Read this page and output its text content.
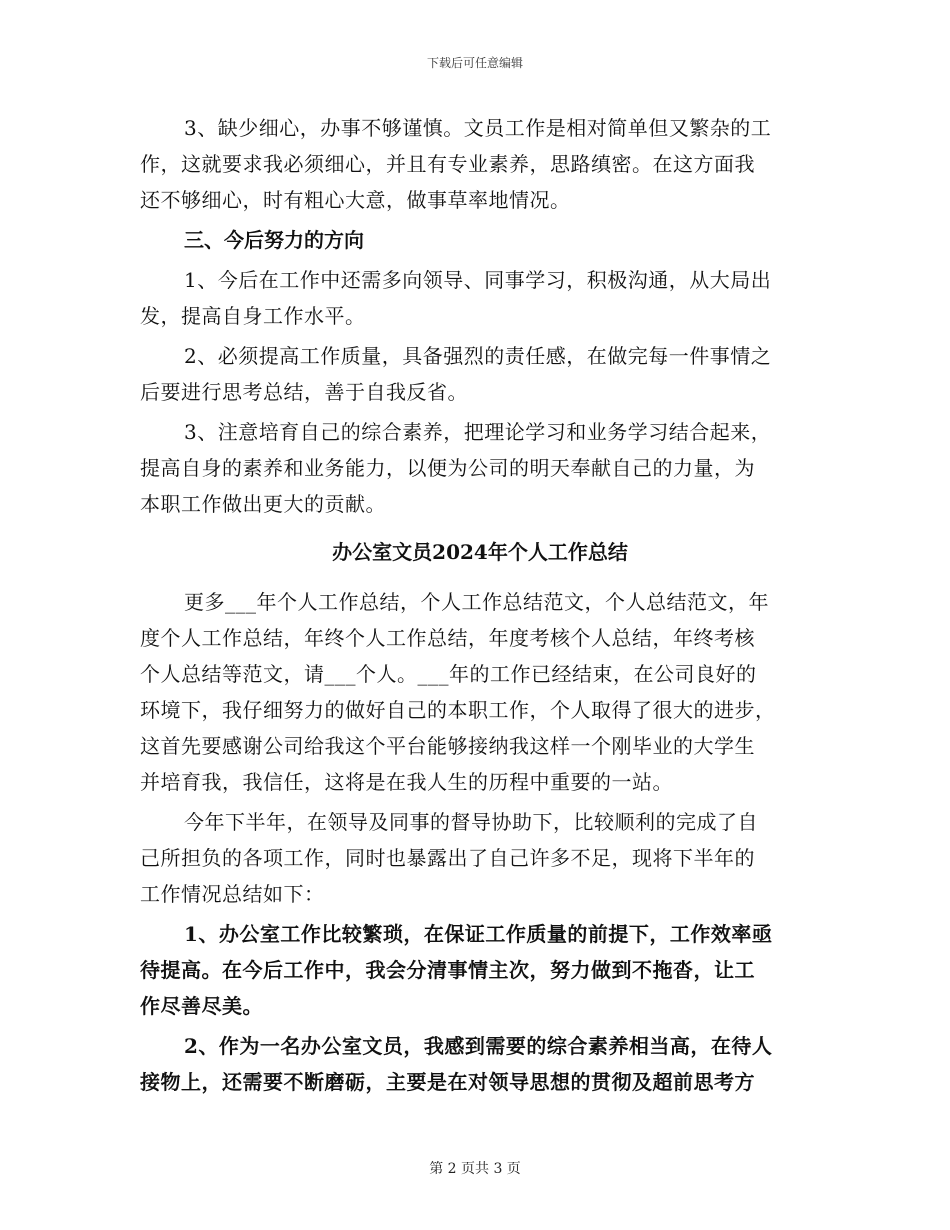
下载后可任意编辑
3、缺少细心，办事不够谨慎。文员工作是相对简单但又繁杂的工
作，这就要求我必须细心，并且有专业素养，思路缜密。在这方面我
还不够细心，时有粗心大意，做事草率地情况。
三、今后努力的方向
1、今后在工作中还需多向领导、同事学习，积极沟通，从大局出
发，提高自身工作水平。
2、必须提高工作质量，具备强烈的责任感，在做完每一件事情之
后要进行思考总结，善于自我反省。
3、注意培育自己的综合素养，把理论学习和业务学习结合起来，
提高自身的素养和业务能力，以便为公司的明天奉献自己的力量，为
本职工作做出更大的贡献。
办公室文员2024年个人工作总结
更多___年个人工作总结，个人工作总结范文，个人总结范文，年
度个人工作总结，年终个人工作总结，年度考核个人总结，年终考核
个人总结等范文，请___个人。___年的工作已经结束，在公司良好的
环境下，我仔细努力的做好自己的本职工作，个人取得了很大的进步，
这首先要感谢公司给我这个平台能够接纳我这样一个刚毕业的大学生
并培育我，我信任，这将是在我人生的历程中重要的一站。
今年下半年，在领导及同事的督导协助下，比较顺利的完成了自
己所担负的各项工作，同时也暴露出了自己许多不足，现将下半年的
工作情况总结如下：
1、办公室工作比较繁琐，在保证工作质量的前提下，工作效率亟
待提高。在今后工作中，我会分清事情主次，努力做到不拖沓，让工
作尽善尽美。
2、作为一名办公室文员，我感到需要的综合素养相当高，在待人
接物上，还需要不断磨砺，主要是在对领导思想的贯彻及超前思考方
第 2 页共 3 页
